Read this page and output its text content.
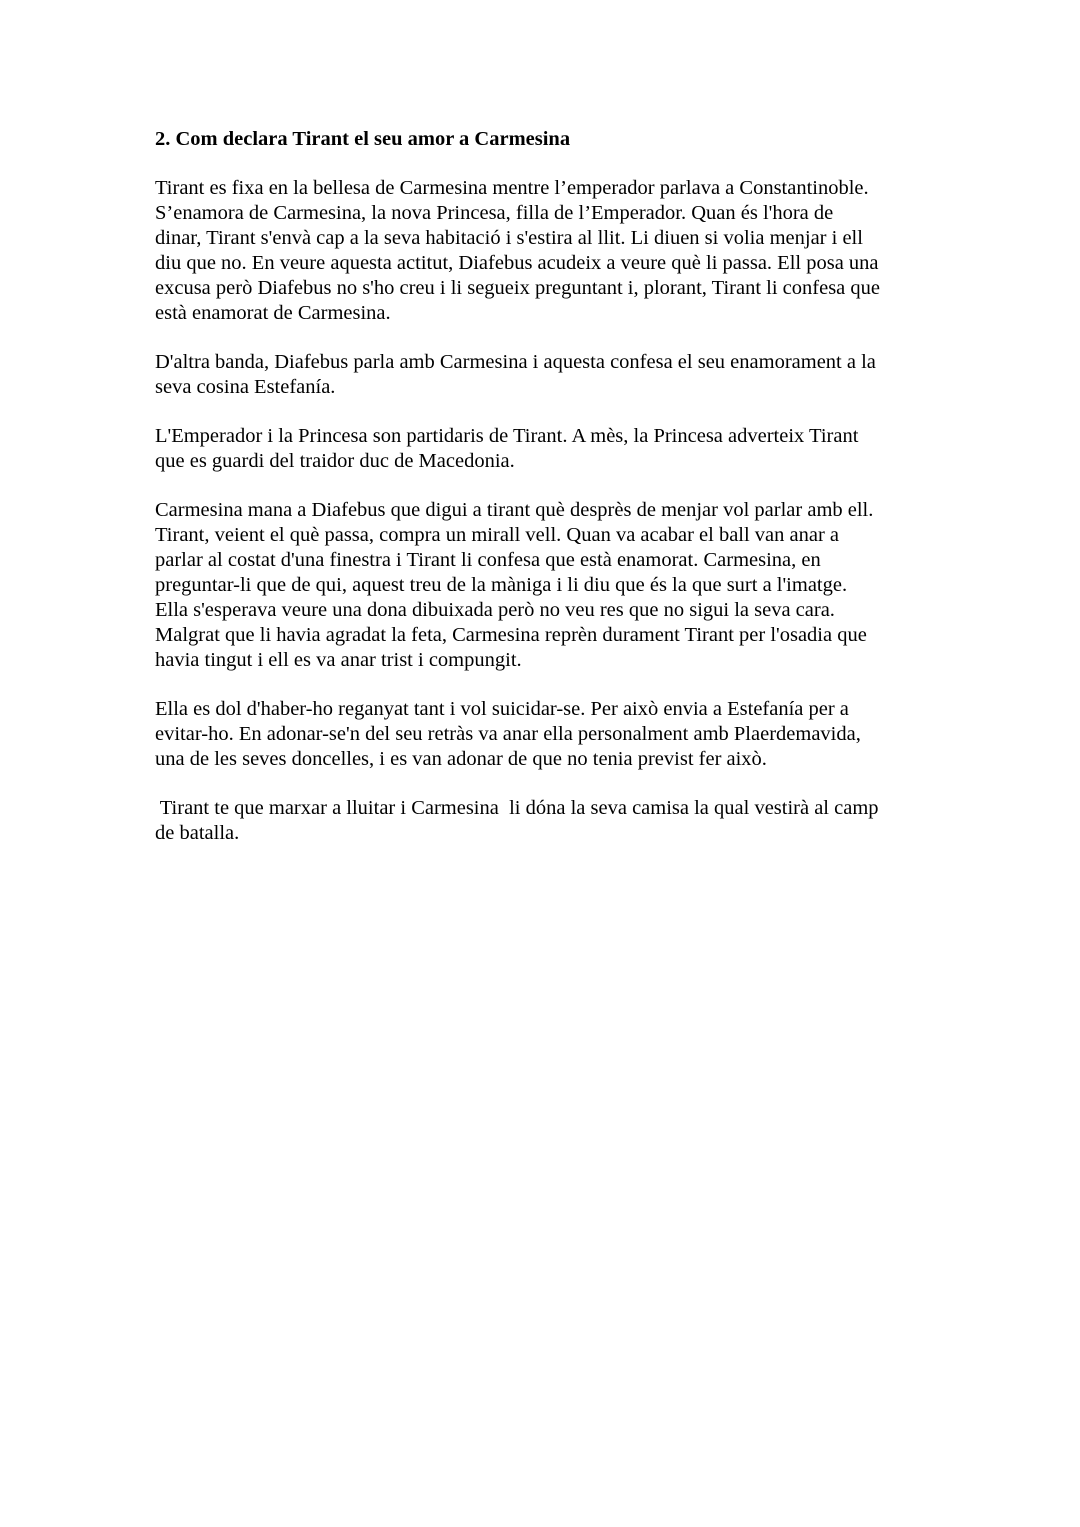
2. Com declara Tirant el seu amor a Carmesina
Tirant es fixa en la bellesa de Carmesina mentre l’emperador parlava a Constantinoble.
S’enamora de Carmesina, la nova Princesa, filla de l’Emperador. Quan és l'hora de
dinar, Tirant s'envà cap a la seva habitació i s'estira al llit. Li diuen si volia menjar i ell
diu que no. En veure aquesta actitut, Diafebus acudeix a veure què li passa. Ell posa una
excusa però Diafebus no s'ho creu i li segueix preguntant i, plorant, Tirant li confesa que
està enamorat de Carmesina.
D'altra banda, Diafebus parla amb Carmesina i aquesta confesa el seu enamorament a la
seva cosina Estefanía.
L'Emperador i la Princesa son partidaris de Tirant. A mès, la Princesa adverteix Tirant
que es guardi del traidor duc de Macedonia.
Carmesina mana a Diafebus que digui a tirant què desprès de menjar vol parlar amb ell.
Tirant, veient el què passa, compra un mirall vell. Quan va acabar el ball van anar a
parlar al costat d'una finestra i Tirant li confesa que està enamorat. Carmesina, en
preguntar-li que de qui, aquest treu de la màniga i li diu que és la que surt a l'imatge.
Ella s'esperava veure una dona dibuixada però no veu res que no sigui la seva cara.
Malgrat que li havia agradat la feta, Carmesina reprèn durament Tirant per l'osadia que
havia tingut i ell es va anar trist i compungit.
Ella es dol d'haber-ho reganyat tant i vol suicidar-se. Per això envia a Estefanía per a
evitar-ho. En adonar-se'n del seu retràs va anar ella personalment amb Plaerdemavida,
una de les seves doncelles, i es van adonar de que no tenia previst fer això.
Tirant te que marxar a lluitar i Carmesina  li dóna la seva camisa la qual vestirà al camp
de batalla.
